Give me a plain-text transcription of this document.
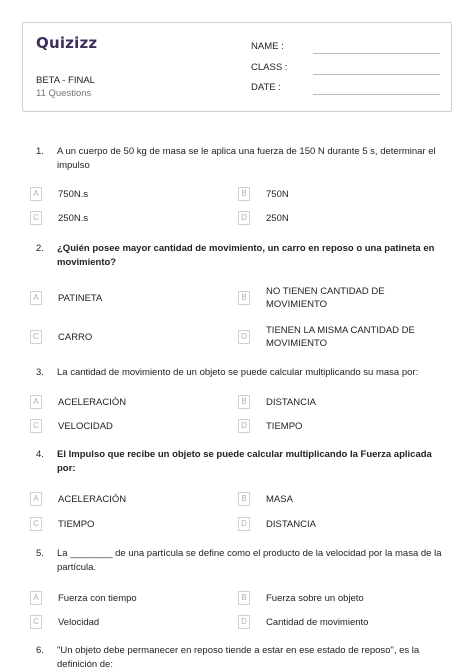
Quizizz
BETA - FINAL
11 Questions
NAME :
CLASS :
DATE :
1. A un cuerpo de 50 kg de masa se le aplica una fuerza de 150 N durante 5 s, determinar el impulso
A	750N.s	B	750N
C	250N.s	D	250N
2. ¿Quién posee mayor cantidad de movimiento, un carro en reposo o una patineta en movimiento?
A	PATINETA	B
NO TIENEN CANTIDAD DE MOVIMIENTO
C	CARRO	D
TIENEN LA MISMA CANTIDAD DE MOVIMIENTO
3. La cantidad de movimiento de un objeto se puede calcular multiplicando su masa por:
A	ACELERACIÓN	B	DISTANCIA
C	VELOCIDAD	D	TIEMPO
4. El Impulso que recibe un objeto se puede calcular multiplicando la Fuerza aplicada por:
A	ACELERACIÓN	B	MASA
C	TIEMPO	D	DISTANCIA
5. La ________ de una partícula se define como el producto de la velocidad por la masa de la partícula.
A	Fuerza con tiempo	B	Fuerza sobre un objeto
C	Velocidad	D	Cantidad de movimiento
6. "Un objeto debe permanecer en reposo tiende a estar en ese estado de reposo", es la definición de:
